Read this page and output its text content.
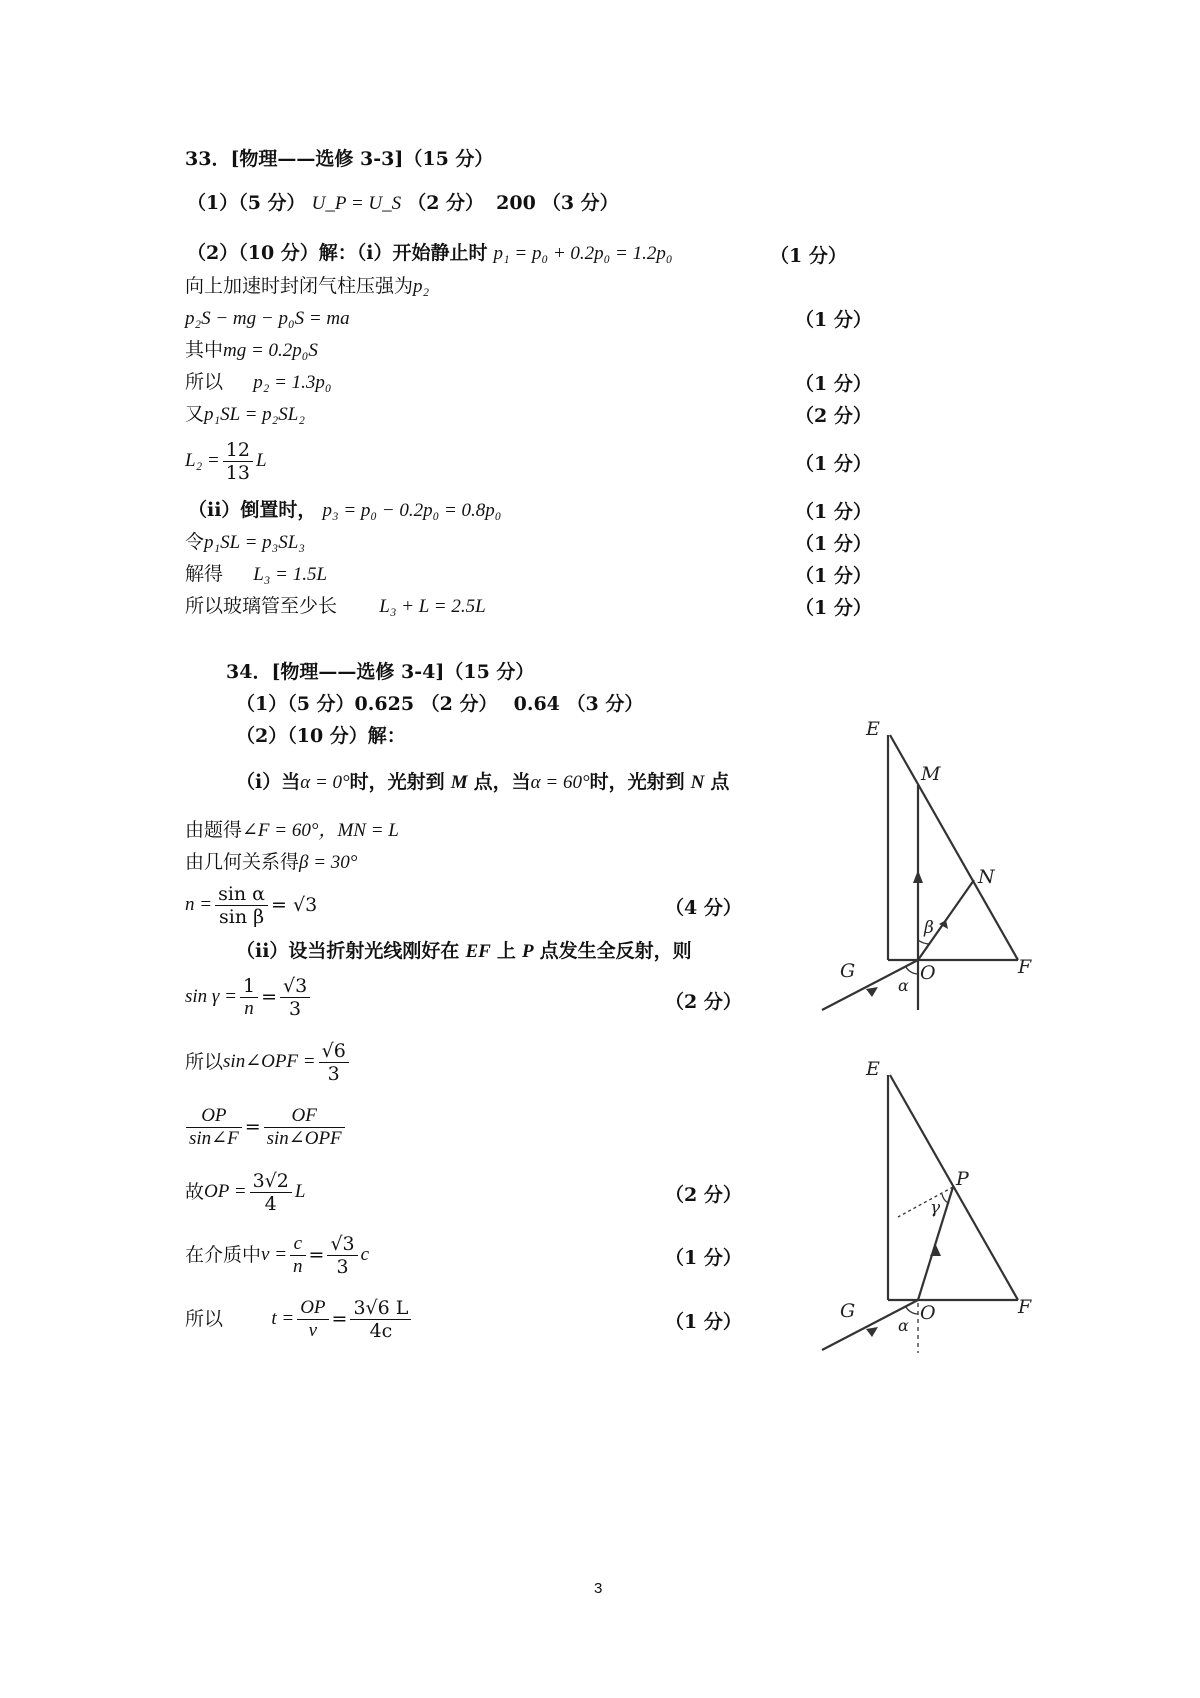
33．[物理——选修 3-3]（15 分）
（1）（5 分） U_P = U_S （2 分） 200 （3 分）
（2）（10 分）解：（i）开始静止时 p₁ = p₀ + 0.2p₀ = 1.2p₀	（1 分）
向上加速时封闭气柱压强为p₂
p₂S − mg − p₀S = ma	（1 分）
其中mg = 0.2p₀S
所以 p₂ = 1.3p₀	（1 分）
又p₁SL = p₂SL₂	（2 分）
$L_2 = \frac{12}{13}$ L	（1 分）
（ii）倒置时， p₃ = p₀ − 0.2p₀ = 0.8p₀	（1 分）
令p₁SL = p₃SL₃	（1 分）
解得 L₃ = 1.5L	（1 分）
所以玻璃管至少长 L₃ + L = 2.5L	（1 分）
34．[物理——选修 3-4]（15 分）
（1）（5 分）0.625 （2 分）　 0.64 （3 分）
（2）（10 分）解：
（i）当α = 0°时，光射到 M 点，当α = 60°时，光射到 N 点
由题得∠F = 60°，MN = L
由几何关系得β = 30°
$n = \frac{\text{sin α}}{\text{sin β}} = √3$	（4 分）
（ii）设当折射光线刚好在 EF 上 P 点发生全反射，则
$\sin \gamma = \frac{1}{n} = \frac{√3}{3}$	（2 分）
所以 sin∠OPF = $\frac{√6}{3}$
$\frac{OP}{\sin\angle F} = \frac{OF}{\text{sin∠OPF}}$
故 OP = $\frac{3√2}{4}$ L	（2 分）
在介质中 $v = \frac{c}{n} = \frac{√3}{3}$ c	（1 分）
所以
	$t = \frac{OP}{v} = \frac{3√6 L}{4c}$	（1 分）
E
M
N
β
G	O
α
F
E
P
γ
G	O
α
F
3
